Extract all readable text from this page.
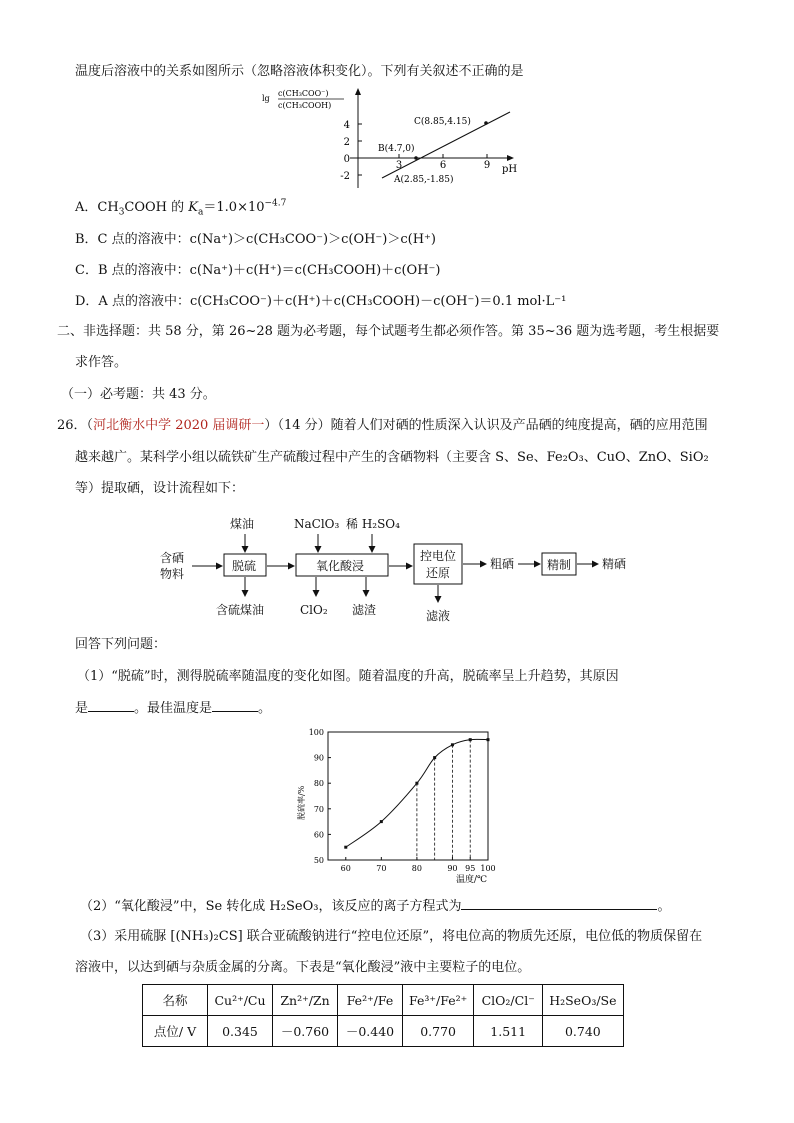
温度后溶液中的关系如图所示（忽略溶液体积变化）。下列有关叙述不正确的是
lg
c(CH₃COO⁻)
c(CH₃COOH)
4
2
0
-2
3	6	9 pH
C(8.85,4.15)
B(4.7,0)
A(2.85,-1.85)
A．$CH_3COOH$ 的 $K_a=1.0\times 10^{-4.7}$
B．C 点的溶液中：c(Na⁺)＞c(CH₃COO⁻)＞c(OH⁻)＞c(H⁺)
C．B 点的溶液中：c(Na⁺)＋c(H⁺)＝c(CH₃COOH)＋c(OH⁻)
D．A 点的溶液中：c(CH₃COO⁻)＋c(H⁺)＋c(CH₃COOH)－c(OH⁻)＝0.1 mol·L⁻¹
二、非选择题：共 58 分，第 26~28 题为必考题，每个试题考生都必须作答。第 35~36 题为选考题，考生根据要
求作答。
（一）必考题：共 43 分。
26．（河北衡水中学 2020 届调研一）（14 分）随着人们对硒的性质深入认识及产品硒的纯度提高，硒的应用范围
越来越广。某科学小组以硫铁矿生产硫酸过程中产生的含硒物料（主要含 S、Se、Fe₂O₃、CuO、ZnO、SiO₂
等）提取硒，设计流程如下：
含硒
物料
脱硫
煤油
含硫煤油
氧化酸浸
NaClO₃ 稀 H₂SO₄
ClO₂ 滤渣
控电位
还原
滤液
粗硒	精制	精硒
回答下列问题：
（1）“脱硫”时，测得脱硫率随温度的变化如图。随着温度的升高，脱硫率呈上升趋势，其原因
是	。最佳温度是	。
50
60
70
80
90
100
60	70	80	90 95 100
脱硫率/%
温度/℃
（2）“氧化酸浸”中，Se 转化成 H₂SeO₃，该反应的离子方程式为	。
（3）采用硫脲 [(NH₃)₂CS] 联合亚硫酸钠进行“控电位还原”，将电位高的物质先还原，电位低的物质保留在
溶液中，以达到硒与杂质金属的分离。下表是“氧化酸浸”液中主要粒子的电位。
名称	Cu²⁺/Cu	Zn²⁺/Zn	Fe²⁺/Fe	Fe³⁺/Fe²⁺	ClO₂/Cl⁻	H₂SeO₃/Se
点位/ V	0.345	－0.760	－0.440	0.770	1.511	0.740
